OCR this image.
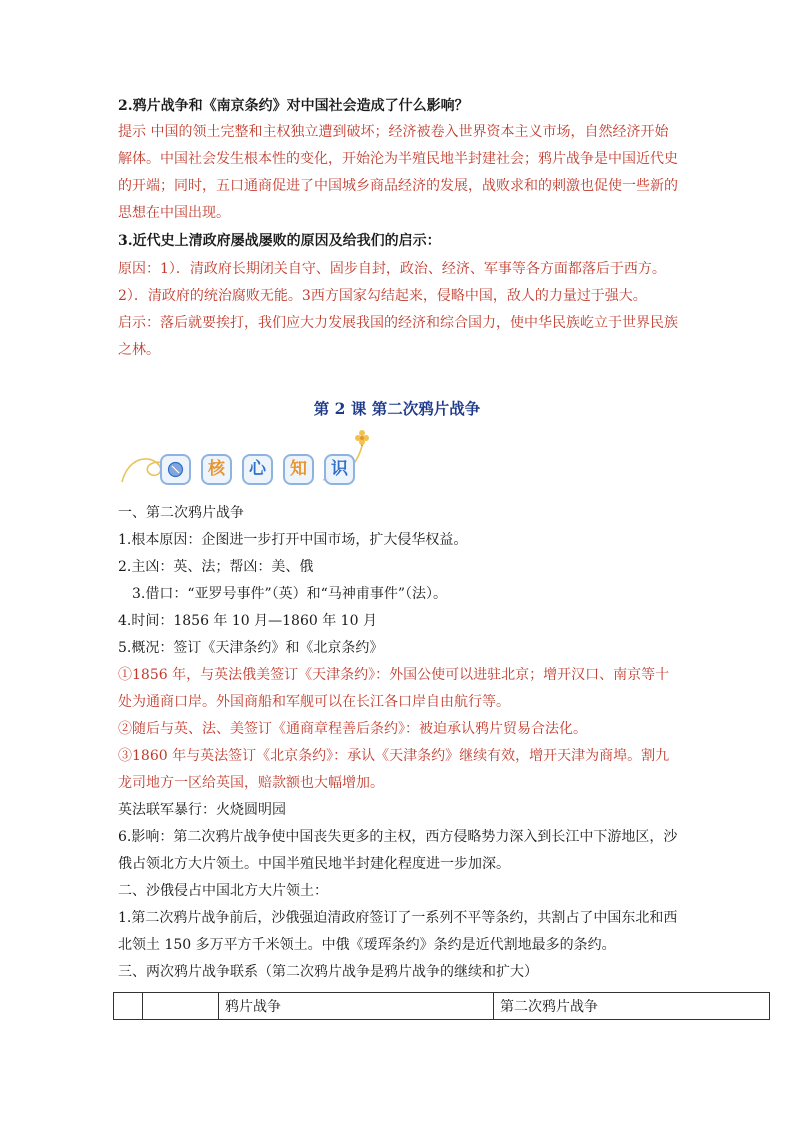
2.鸦片战争和《南京条约》对中国社会造成了什么影响？
提示 中国的领土完整和主权独立遭到破坏；经济被卷入世界资本主义市场，自然经济开始
解体。中国社会发生根本性的变化，开始沦为半殖民地半封建社会；鸦片战争是中国近代史
的开端；同时，五口通商促进了中国城乡商品经济的发展，战败求和的刺激也促使一些新的
思想在中国出现。
3.近代史上清政府屡战屡败的原因及给我们的启示：
原因：1）．清政府长期闭关自守、固步自封，政治、经济、军事等各方面都落后于西方。
2）．清政府的统治腐败无能。3西方国家勾结起来，侵略中国，敌人的力量过于强大。
启示：落后就要挨打，我们应大力发展我国的经济和综合国力，使中华民族屹立于世界民族
之林。
第 2 课 第二次鸦片战争
核	心	知	识
一、第二次鸦片战争
1.根本原因：企图进一步打开中国市场，扩大侵华权益。
2.主凶：英、法；帮凶：美、俄
3.借口：“亚罗号事件”（英）和“马神甫事件”（法）。
4.时间：1856 年 10 月—1860 年 10 月
5.概况：签订《天津条约》和《北京条约》
①1856 年，与英法俄美签订《天津条约》：外国公使可以进驻北京；增开汉口、南京等十
处为通商口岸。外国商船和军舰可以在长江各口岸自由航行等。
②随后与英、法、美签订《通商章程善后条约》：被迫承认鸦片贸易合法化。
③1860 年与英法签订《北京条约》：承认《天津条约》继续有效，增开天津为商埠。割九
龙司地方一区给英国，赔款额也大幅增加。
英法联军暴行：火烧圆明园
6.影响：第二次鸦片战争使中国丧失更多的主权，西方侵略势力深入到长江中下游地区，沙
俄占领北方大片领土。中国半殖民地半封建化程度进一步加深。
二、沙俄侵占中国北方大片领土：
1.第二次鸦片战争前后，沙俄强迫清政府签订了一系列不平等条约，共割占了中国东北和西
北领土 150 多万平方千米领土。中俄《瑷珲条约》条约是近代割地最多的条约。
三、两次鸦片战争联系（第二次鸦片战争是鸦片战争的继续和扩大）
		鸦片战争	第二次鸦片战争
